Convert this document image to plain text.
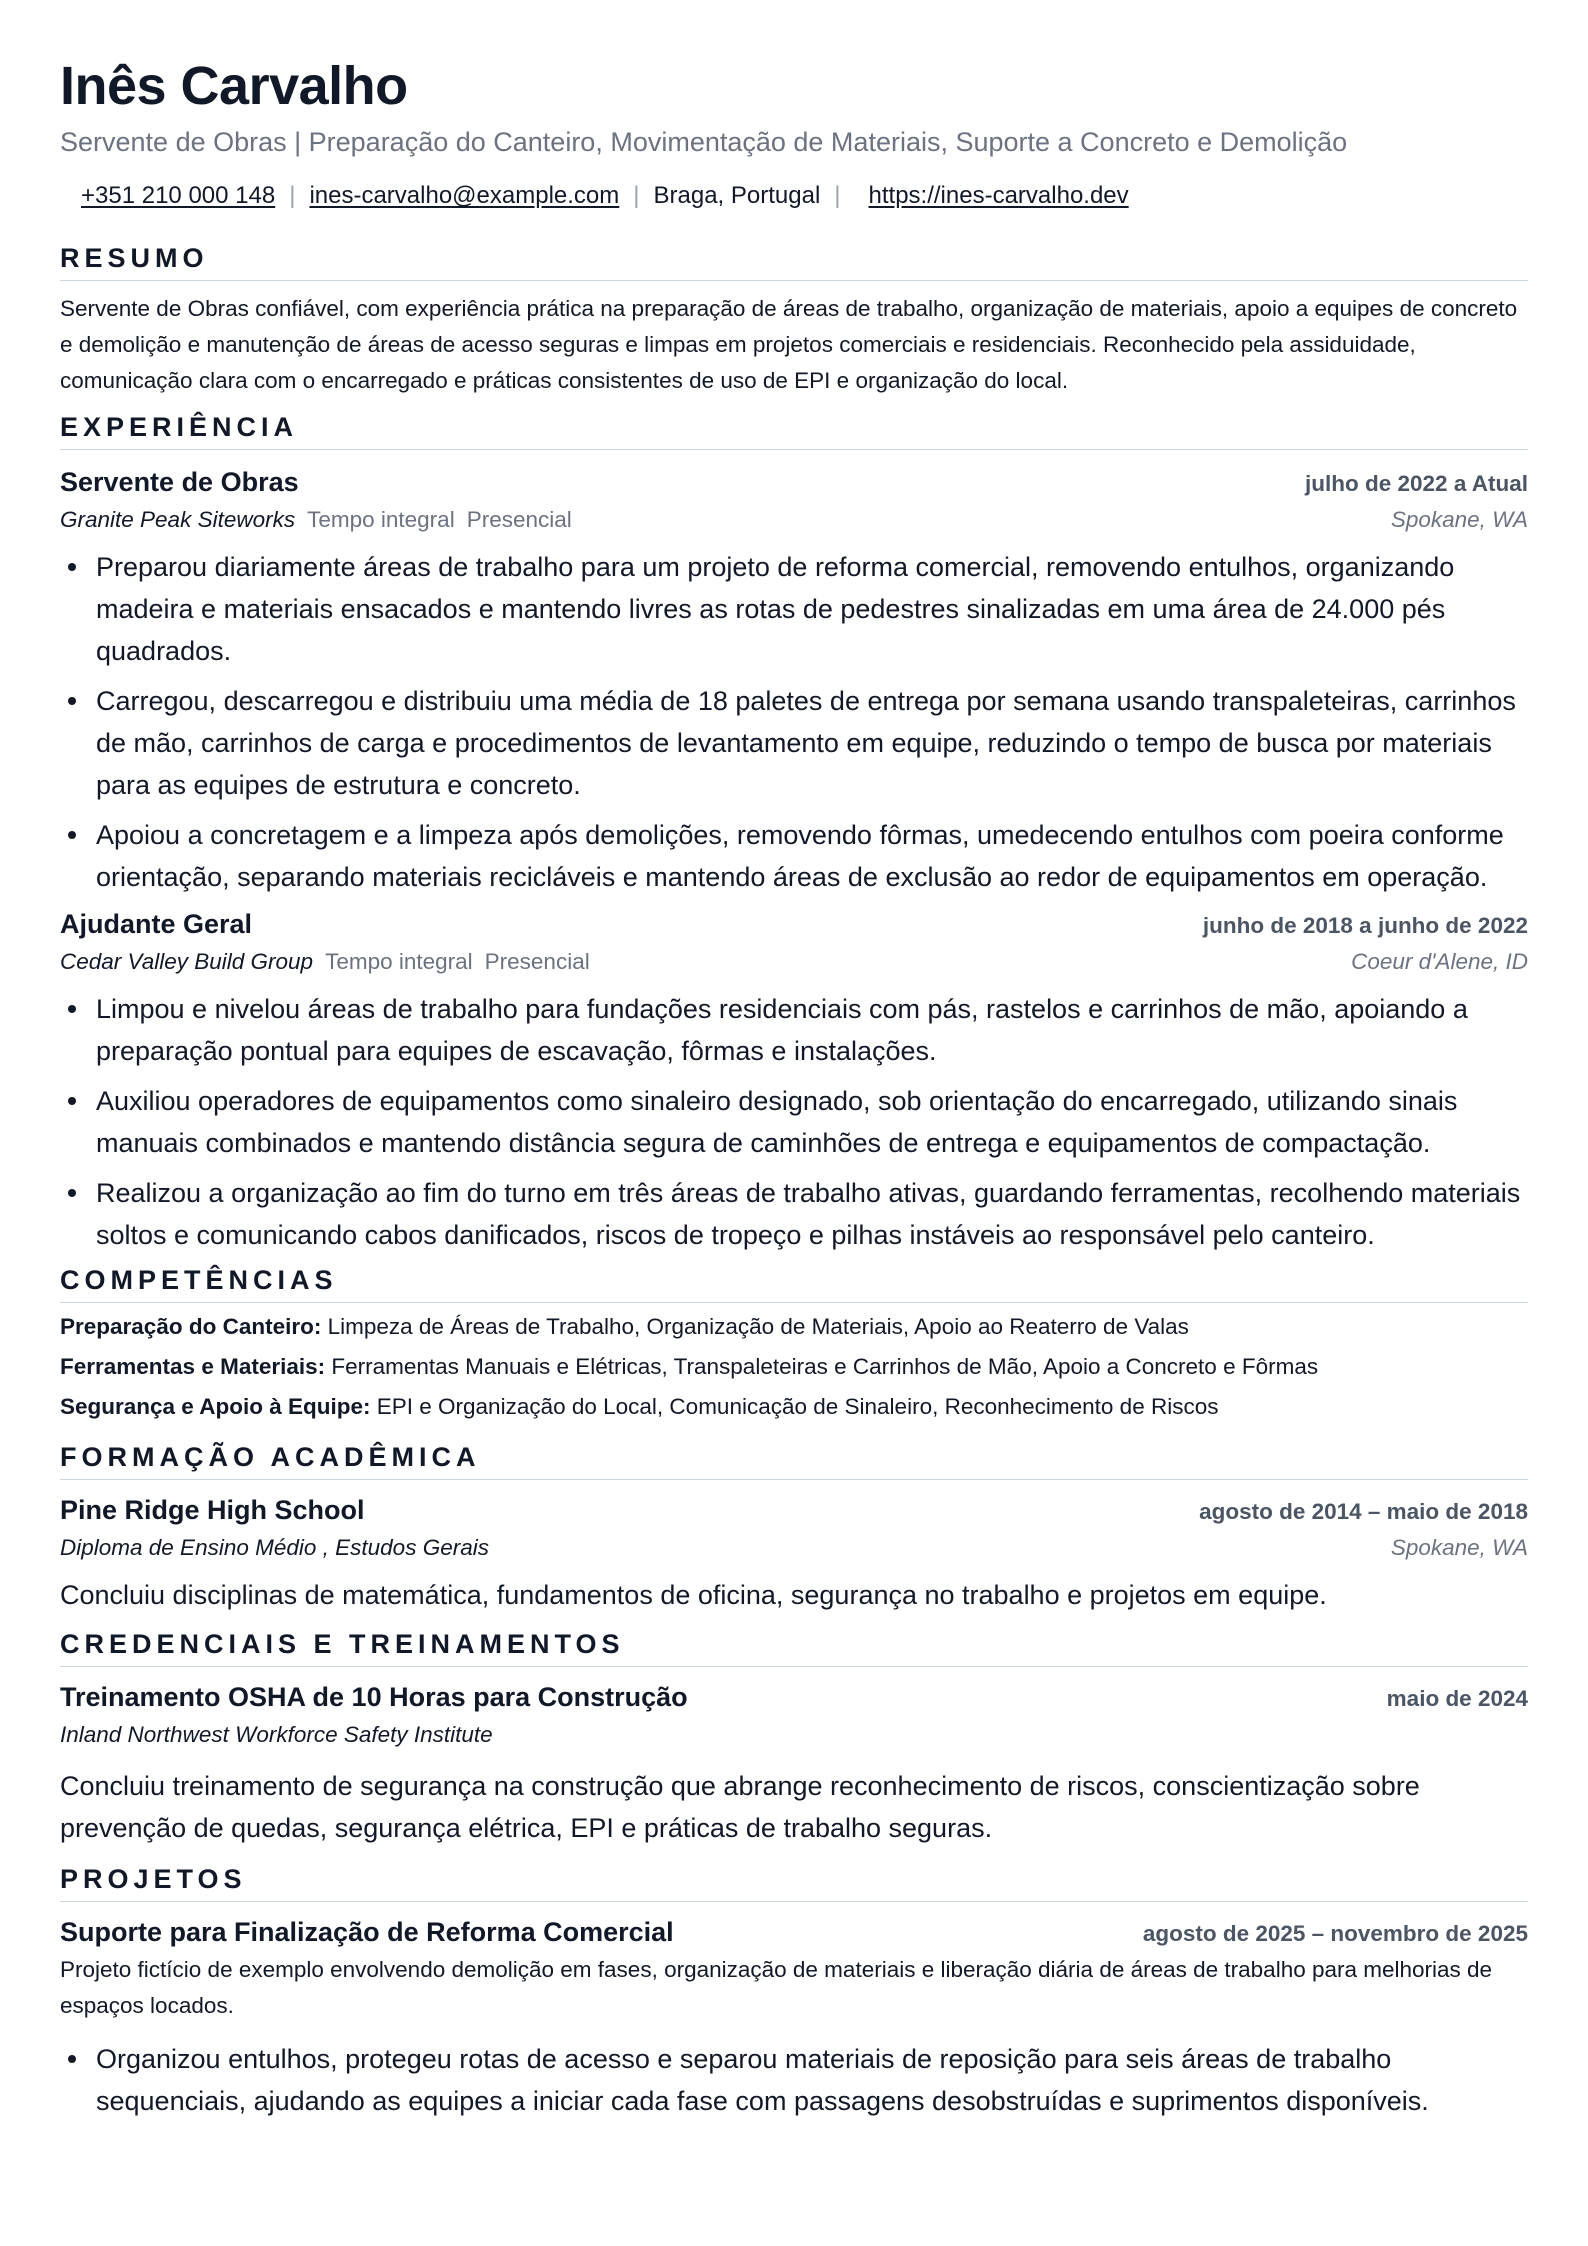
Inês Carvalho
Servente de Obras | Preparação do Canteiro, Movimentação de Materiais, Suporte a Concreto e Demolição
+351 210 000 148 | ines-carvalho@example.com | Braga, Portugal | https://ines-carvalho.dev
RESUMO
Servente de Obras confiável, com experiência prática na preparação de áreas de trabalho, organização de materiais, apoio a equipes de concreto e demolição e manutenção de áreas de acesso seguras e limpas em projetos comerciais e residenciais. Reconhecido pela assiduidade, comunicação clara com o encarregado e práticas consistentes de uso de EPI e organização do local.
EXPERIÊNCIA
Servente de Obras	julho de 2022 a Atual
Granite Peak Siteworks Tempo integral Presencial	Spokane, WA
Preparou diariamente áreas de trabalho para um projeto de reforma comercial, removendo entulhos, organizando madeira e materiais ensacados e mantendo livres as rotas de pedestres sinalizadas em uma área de 24.000 pés quadrados.
Carregou, descarregou e distribuiu uma média de 18 paletes de entrega por semana usando transpaleteiras, carrinhos de mão, carrinhos de carga e procedimentos de levantamento em equipe, reduzindo o tempo de busca por materiais para as equipes de estrutura e concreto.
Apoiou a concretagem e a limpeza após demolições, removendo fôrmas, umedecendo entulhos com poeira conforme orientação, separando materiais recicláveis e mantendo áreas de exclusão ao redor de equipamentos em operação.
Ajudante Geral	junho de 2018 a junho de 2022
Cedar Valley Build Group Tempo integral Presencial	Coeur d'Alene, ID
Limpou e nivelou áreas de trabalho para fundações residenciais com pás, rastelos e carrinhos de mão, apoiando a preparação pontual para equipes de escavação, fôrmas e instalações.
Auxiliou operadores de equipamentos como sinaleiro designado, sob orientação do encarregado, utilizando sinais manuais combinados e mantendo distância segura de caminhões de entrega e equipamentos de compactação.
Realizou a organização ao fim do turno em três áreas de trabalho ativas, guardando ferramentas, recolhendo materiais soltos e comunicando cabos danificados, riscos de tropeço e pilhas instáveis ao responsável pelo canteiro.
COMPETÊNCIAS
Preparação do Canteiro: Limpeza de Áreas de Trabalho, Organização de Materiais, Apoio ao Reaterro de Valas
Ferramentas e Materiais: Ferramentas Manuais e Elétricas, Transpaleteiras e Carrinhos de Mão, Apoio a Concreto e Fôrmas
Segurança e Apoio à Equipe: EPI e Organização do Local, Comunicação de Sinaleiro, Reconhecimento de Riscos
FORMAÇÃO ACADÊMICA
Pine Ridge High School	agosto de 2014 – maio de 2018
Diploma de Ensino Médio , Estudos Gerais	Spokane, WA
Concluiu disciplinas de matemática, fundamentos de oficina, segurança no trabalho e projetos em equipe.
CREDENCIAIS E TREINAMENTOS
Treinamento OSHA de 10 Horas para Construção	maio de 2024
Inland Northwest Workforce Safety Institute
Concluiu treinamento de segurança na construção que abrange reconhecimento de riscos, conscientização sobre prevenção de quedas, segurança elétrica, EPI e práticas de trabalho seguras.
PROJETOS
Suporte para Finalização de Reforma Comercial	agosto de 2025 – novembro de 2025
Projeto fictício de exemplo envolvendo demolição em fases, organização de materiais e liberação diária de áreas de trabalho para melhorias de espaços locados.
Organizou entulhos, protegeu rotas de acesso e separou materiais de reposição para seis áreas de trabalho sequenciais, ajudando as equipes a iniciar cada fase com passagens desobstruídas e suprimentos disponíveis.
